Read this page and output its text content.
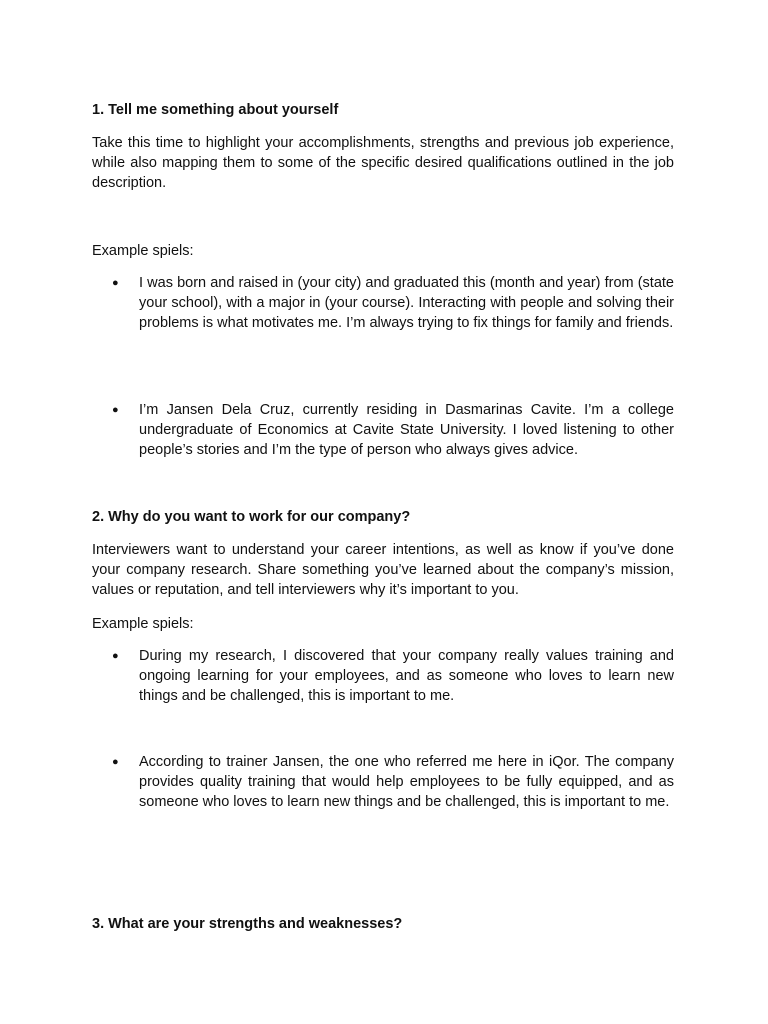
1. Tell me something about yourself
Take this time to highlight your accomplishments, strengths and previous job experience, while also mapping them to some of the specific desired qualifications outlined in the job description.
Example spiels:
●	I was born and raised in (your city) and graduated this (month and year) from (state your school), with a major in (your course). Interacting with people and solving their problems is what motivates me. I’m always trying to fix things for family and friends.
●	I’m Jansen Dela Cruz, currently residing in Dasmarinas Cavite. I’m a college undergraduate of Economics at Cavite State University. I loved listening to other people’s stories and I’m the type of person who always gives advice.
2. Why do you want to work for our company?
Interviewers want to understand your career intentions, as well as know if you’ve done your company research. Share something you’ve learned about the company’s mission, values or reputation, and tell interviewers why it’s important to you.
Example spiels:
●	During my research, I discovered that your company really values training and ongoing learning for your employees, and as someone who loves to learn new things and be challenged, this is important to me.
●	According to trainer Jansen, the one who referred me here in iQor. The company provides quality training that would help employees to be fully equipped, and as someone who loves to learn new things and be challenged, this is important to me.
3. What are your strengths and weaknesses?
